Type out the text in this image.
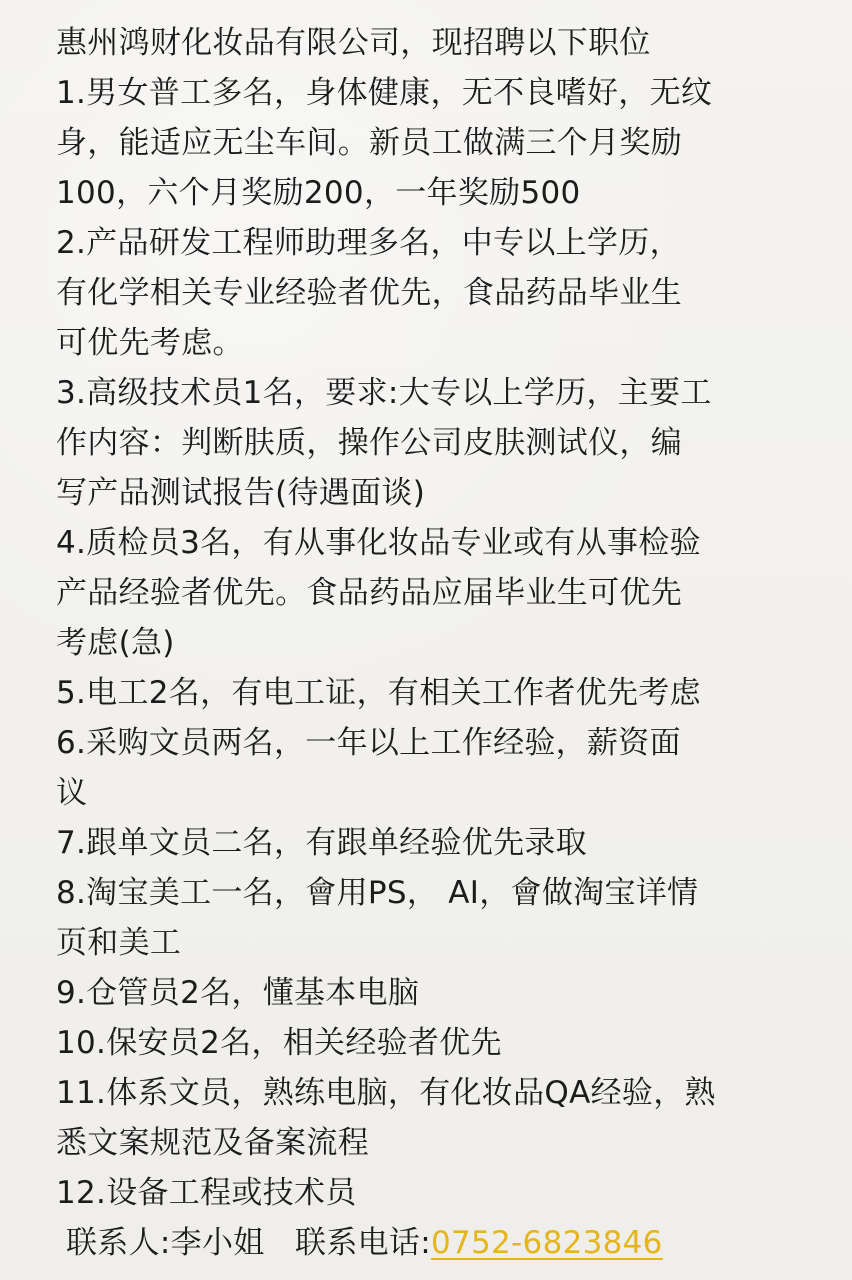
惠州鸿财化妆品有限公司，现招聘以下职位
1.男女普工多名，身体健康，无不良嗜好，无纹
身，能适应无尘车间。新员工做满三个月奖励
100，六个月奖励200，一年奖励500
2.产品研发工程师助理多名，中专以上学历，
有化学相关专业经验者优先，食品药品毕业生
可优先考虑。
3.高级技术员1名，要求:大专以上学历，主要工
作内容：判断肤质，操作公司皮肤测试仪，编
写产品测试报告(待遇面谈)
4.质检员3名，有从事化妆品专业或有从事检验
产品经验者优先。食品药品应届毕业生可优先
考虑(急)
5.电工2名，有电工证，有相关工作者优先考虑
6.采购文员两名，一年以上工作经验，薪资面
议
7.跟单文员二名，有跟单经验优先录取
8.淘宝美工一名，會用PS， AI，會做淘宝详情
页和美工
9.仓管员2名，懂基本电脑
10.保安员2名，相关经验者优先
11.体系文员，熟练电脑，有化妆品QA经验，熟
悉文案规范及备案流程
12.设备工程或技术员
联系人:李小姐 联系电话:0752-6823846
